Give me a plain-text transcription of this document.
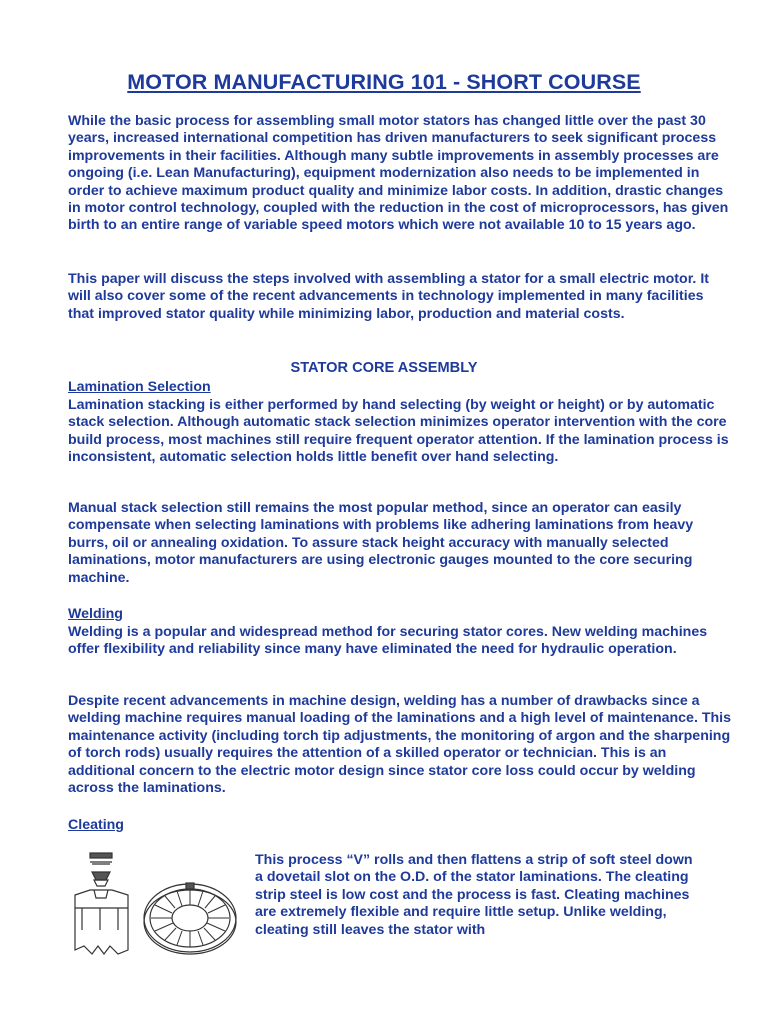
MOTOR MANUFACTURING 101 - SHORT COURSE

While the basic process for assembling small motor stators has changed little over the past 30 years, increased international competition has driven manufacturers to seek significant process improvements in their facilities. Although many subtle improvements in assembly processes are ongoing (i.e. Lean Manufacturing), equipment modernization also needs to be implemented in order to achieve maximum product quality and minimize labor costs. In addition, drastic changes in motor control technology, coupled with the reduction in the cost of microprocessors, has given birth to an entire range of variable speed motors which were not available 10 to 15 years ago.

This paper will discuss the steps involved with assembling a stator for a small electric motor. It will also cover some of the recent advancements in technology implemented in many facilities that improved stator quality while minimizing labor, production and material costs.

STATOR CORE ASSEMBLY
Lamination Selection

Lamination stacking is either performed by hand selecting (by weight or height) or by automatic stack selection. Although automatic stack selection minimizes operator intervention with the core build process, most machines still require frequent operator attention. If the lamination process is inconsistent, automatic selection holds little benefit over hand selecting.

Manual stack selection still remains the most popular method, since an operator can easily compensate when selecting laminations with problems like adhering laminations from heavy burrs, oil or annealing oxidation. To assure stack height accuracy with manually selected laminations, motor manufacturers are using electronic gauges mounted to the core securing machine.

Welding

Welding is a popular and widespread method for securing stator cores. New welding machines offer flexibility and reliability since many have eliminated the need for hydraulic operation.

Despite recent advancements in machine design, welding has a number of drawbacks since a welding machine requires manual loading of the laminations and a high level of maintenance. This maintenance activity (including torch tip adjustments, the monitoring of argon and the sharpening of torch rods) usually requires the attention of a skilled operator or technician. This is an additional concern to the electric motor design since stator core loss could occur by welding across the laminations.

Cleating

This process “V” rolls and then flattens a strip of soft steel down a dovetail slot on the O.D. of the stator laminations. The cleating strip steel is low cost and the process is fast. Cleating machines are extremely flexible and require little setup. Unlike welding, cleating still leaves the stator with
